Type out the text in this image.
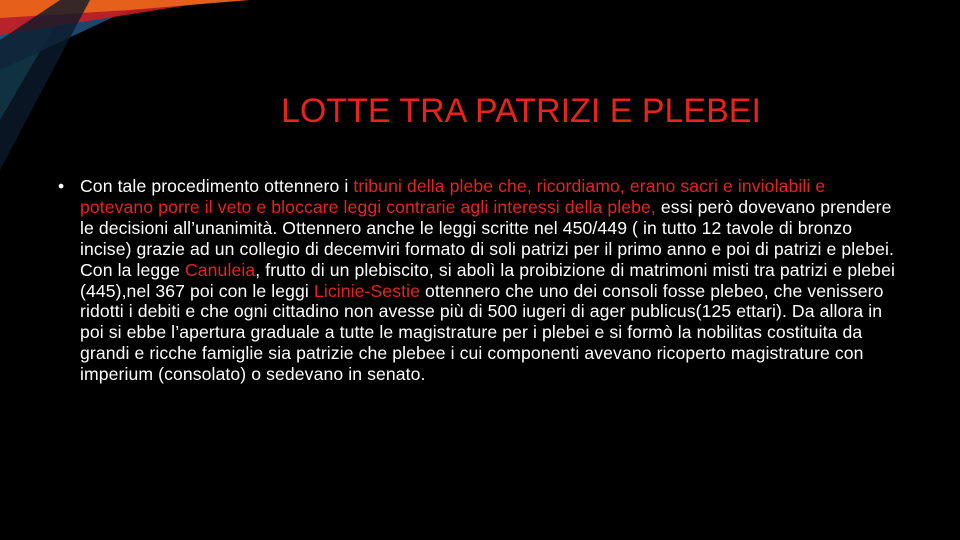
LOTTE TRA PATRIZI E PLEBEI
• Con tale procedimento ottennero i tribuni della plebe che, ricordiamo, erano sacri e inviolabili e potevano porre il veto e bloccare leggi contrarie agli interessi della plebe, essi però dovevano prendere le decisioni all’unanimità. Ottennero anche le leggi scritte nel 450/449 ( in tutto 12 tavole di bronzo incise) grazie ad un collegio di decemviri formato di soli patrizi per il primo anno e poi di patrizi e plebei. Con la legge Canuleia, frutto di un plebiscito, si abolì la proibizione di matrimoni misti tra patrizi e plebei (445),nel 367 poi con le leggi Licinie-Sestie ottennero che uno dei consoli fosse plebeo, che venissero ridotti i debiti e che ogni cittadino non avesse più di 500 iugeri di ager publicus(125 ettari). Da allora in poi si ebbe l’apertura graduale a tutte le magistrature per i plebei e si formò la nobilitas costituita da grandi e ricche famiglie sia patrizie che plebee i cui componenti avevano ricoperto magistrature con imperium (consolato) o sedevano in senato.
